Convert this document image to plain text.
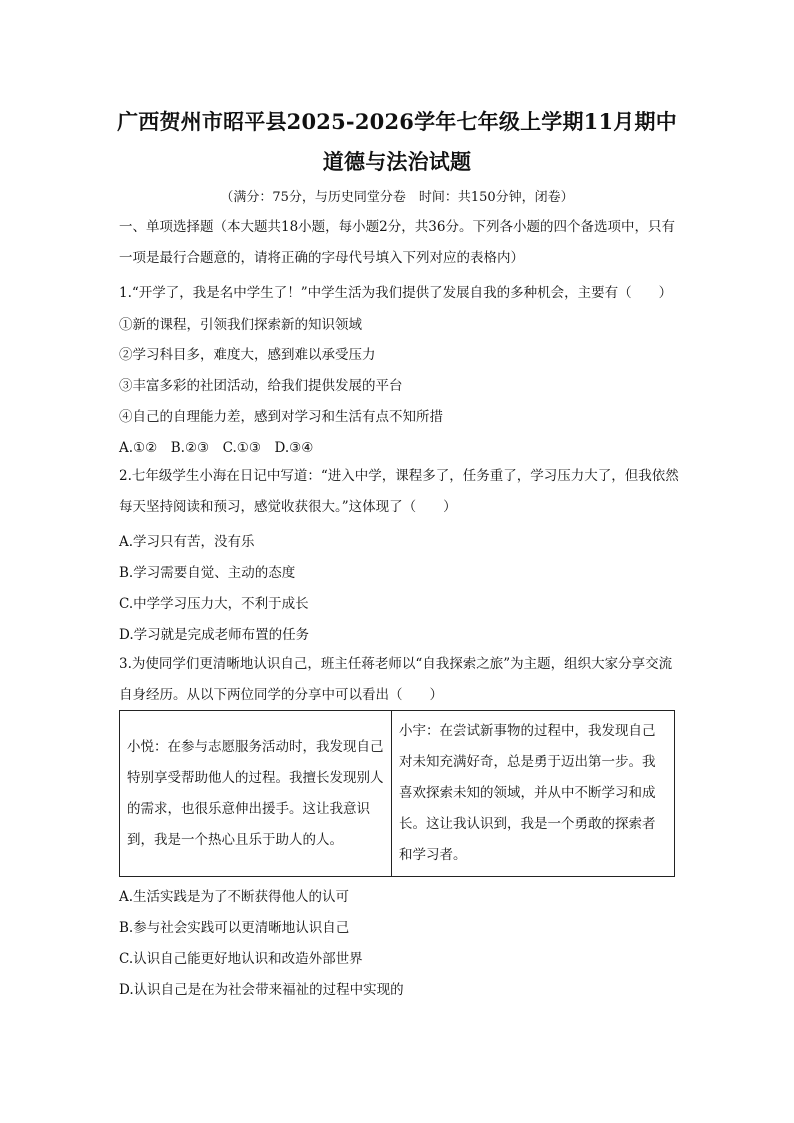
广西贺州市昭平县2025-2026学年七年级上学期11月期中
道德与法治试题
（满分：75分，与历史同堂分卷　时间：共150分钟，闭卷）
一、单项选择题（本大题共18小题，每小题2分，共36分。下列各小题的四个备选项中，只有一项是最行合题意的，请将正确的字母代号填入下列对应的表格内）
1.“开学了，我是名中学生了！”中学生活为我们提供了发展自我的多种机会，主要有（　　）
①新的课程，引领我们探索新的知识领域
②学习科目多，难度大，感到难以承受压力
③丰富多彩的社团活动，给我们提供发展的平台
④自己的自理能力差，感到对学习和生活有点不知所措
A.①②　B.②③　C.①③　D.③④
2.七年级学生小海在日记中写道：“进入中学，课程多了，任务重了，学习压力大了，但我依然每天坚持阅读和预习，感觉收获很大。”这体现了（　　）
A.学习只有苦，没有乐
B.学习需要自觉、主动的态度
C.中学学习压力大，不利于成长
D.学习就是完成老师布置的任务
3.为使同学们更清晰地认识自己，班主任蒋老师以“自我探索之旅”为主题，组织大家分享交流自身经历。从以下两位同学的分享中可以看出（　　）
小悦：在参与志愿服务活动时，我发现自己特别享受帮助他人的过程。我擅长发现别人的需求，也很乐意伸出援手。这让我意识到，我是一个热心且乐于助人的人。
小宇：在尝试新事物的过程中，我发现自己对未知充满好奇，总是勇于迈出第一步。我喜欢探索未知的领域，并从中不断学习和成长。这让我认识到，我是一个勇敢的探索者和学习者。
A.生活实践是为了不断获得他人的认可
B.参与社会实践可以更清晰地认识自己
C.认识自己能更好地认识和改造外部世界
D.认识自己是在为社会带来福祉的过程中实现的
